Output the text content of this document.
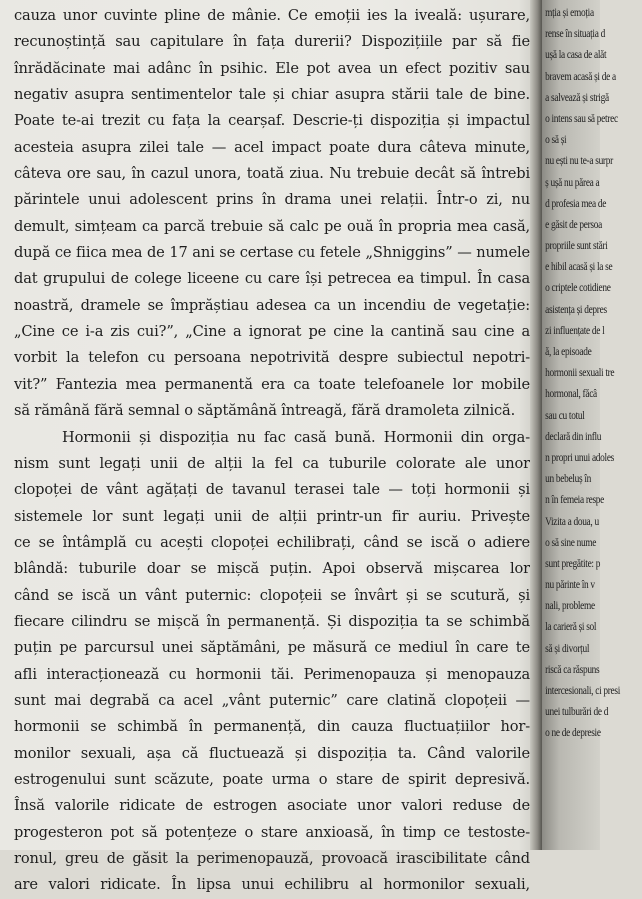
cauza unor cuvinte pline de mânie. Ce emoții ies la iveală: ușurare,
recunoștință sau capitulare în fața durerii? Dispozițiile par să fie
înrădăcinate mai adânc în psihic. Ele pot avea un efect pozitiv sau
negativ asupra sentimentelor tale și chiar asupra stării tale de bine.
Poate te-ai trezit cu fața la cearșaf. Descrie-ți dispoziția și impactul
acesteia asupra zilei tale — acel impact poate dura câteva minute,
câteva ore sau, în cazul unora, toată ziua. Nu trebuie decât să întrebi
părintele unui adolescent prins în drama unei relații. Într-o zi, nu
demult, simțeam ca parcă trebuie să calc pe ouă în propria mea casă,
după ce fiica mea de 17 ani se certase cu fetele „Shniggins” — numele
dat grupului de colege liceene cu care își petrecea ea timpul. În casa
noastră, dramele se împrăștiau adesea ca un incendiu de vegetație:
„Cine ce i-a zis cui?”, „Cine a ignorat pe cine la cantină sau cine a
vorbit la telefon cu persoana nepotrivită despre subiectul nepotri-
vit?” Fantezia mea permanentă era ca toate telefoanele lor mobile
să rămână fără semnal o săptămână întreagă, fără dramoleta zilnică.
Hormonii și dispoziția nu fac casă bună. Hormonii din orga-
nism sunt legați unii de alții la fel ca tuburile colorate ale unor
clopoței de vânt agățați de tavanul terasei tale — toți hormonii și
sistemele lor sunt legați unii de alții printr-un fir auriu. Privește
ce se întâmplă cu acești clopoței echilibrați, când se iscă o adiere
blândă: tuburile doar se mișcă puțin. Apoi observă mișcarea lor
când se iscă un vânt puternic: clopoțeii se învârt și se scutură, și
fiecare cilindru se mișcă în permanență. Și dispoziția ta se schimbă
puțin pe parcursul unei săptămâni, pe măsură ce mediul în care te
afli interacționează cu hormonii tăi. Perimenopauza și menopauza
sunt mai degrabă ca acel „vânt puternic” care clatină clopoțeii —
hormonii se schimbă în permanență, din cauza fluctuațiilor hor-
monilor sexuali, așa că fluctuează și dispoziția ta. Când valorile
estrogenului sunt scăzute, poate urma o stare de spirit depresivă.
Însă valorile ridicate de estrogen asociate unor valori reduse de
progesteron pot să potențeze o stare anxioasă, în timp ce testoste-
ronul, greu de găsit la perimenopauză, provoacă irascibilitate când
are valori ridicate. În lipsa unui echilibru al hormonilor sexuali,
mția și emoția
rense în situația d
ușă la casa de alăt
bravem acasă și de a
a salvează și strigă
o intens sau să petrec
o să și
nu ești nu te-a surpr
ș ușă nu părea a
d profesia mea de
e găsit de persoa
propriile sunt stări
e hibil acasă și la se
o criptele cotidiene
asistența și depres
zi influențate de l
ă, la episoade
hormonii sexuali tre
hormonal, făcâ
sau cu totul
declară din influ
n propri unui adoles
un bebeluș în
n în femeia respe
Vizita a doua, u
o să sine nume
sunt pregătite: p
nu părinte în v
nali, probleme
la carieră și sol
să și divorțul
riscă ca răspuns
intercesionali, ci presi
unei tulburări de d
o ne de depresie
